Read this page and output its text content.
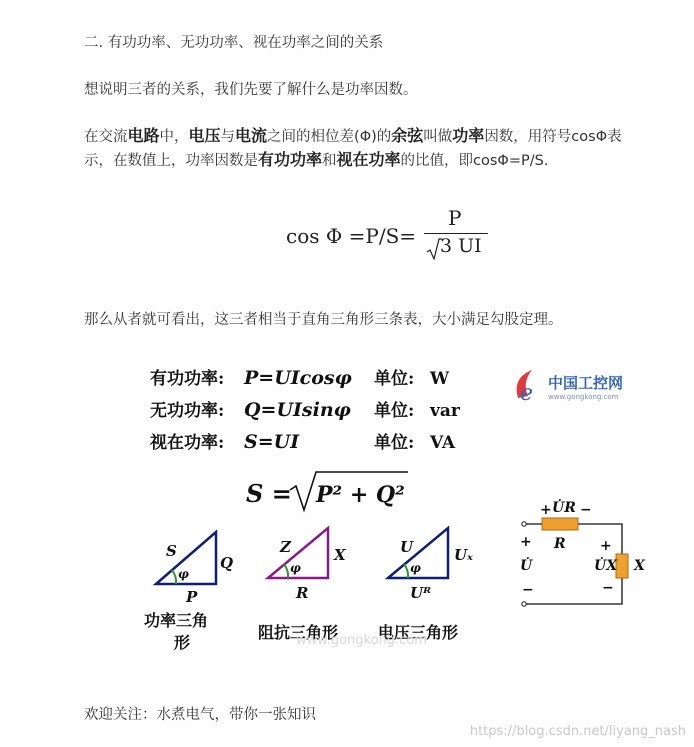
二. 有功功率、无功功率、视在功率之间的关系
想说明三者的关系，我们先要了解什么是功率因数。
在交流电路中，电压与电流之间的相位差(Φ)的余弦叫做功率因数，用符号cosΦ表
示，在数值上，功率因数是有功功率和视在功率的比值，即cosΦ=P/S.
cos Φ =P/S=
P
3 UI
那么从者就可看出，这三者相当于直角三角形三条表，大小满足勾股定理。
有功功率: P=UIcosφ 单位: W
无功功率: Q=UIsinφ 单位: var
视在功率: S=UI	单位: VA
e 中国工控网
www.gongkong.com
S = P² + Q²
S
Q
P
φ
功率三角
形
Z	X
R
φ
阻抗三角形
U	Uₓ
Uᴿ
φ
电压三角形
+ U̇R −
R
+
U̇
−
+
U̇X
−
X
www.gongkong.com
欢迎关注：水煮电气，带你一张知识
https://blog.csdn.net/liyang_nash
